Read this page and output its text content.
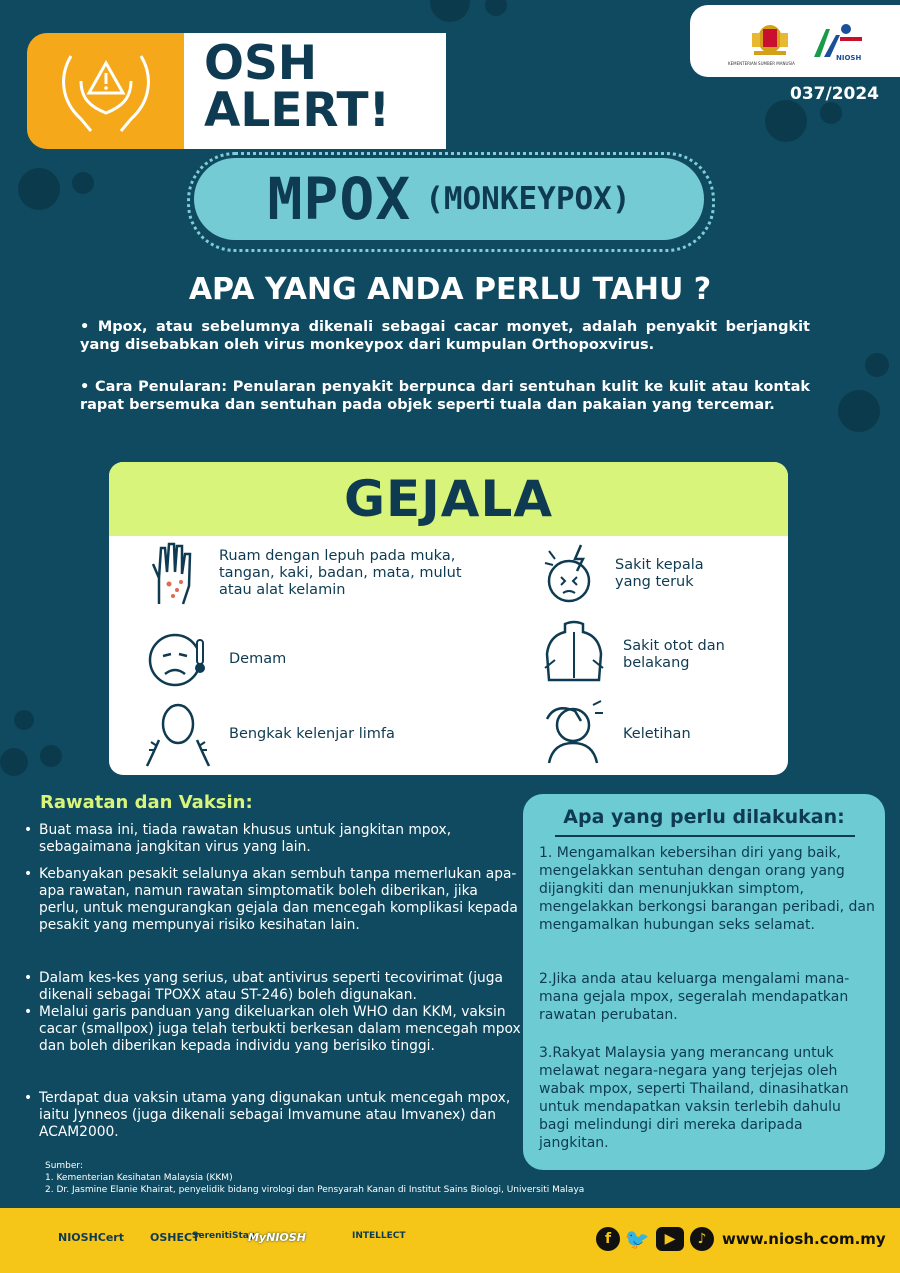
OSH
ALERT!
KEMENTERIAN SUMBER MANUSIA
NIOSH
037/2024
MPOX (MONKEYPOX)
APA YANG ANDA PERLU TAHU ?
• Mpox, atau sebelumnya dikenali sebagai cacar monyet, adalah penyakit berjangkit yang disebabkan oleh virus monkeypox dari kumpulan Orthopoxvirus.
• Cara Penularan: Penularan penyakit berpunca dari sentuhan kulit ke kulit atau kontak rapat bersemuka dan sentuhan pada objek seperti tuala dan pakaian yang tercemar.
GEJALA
Ruam dengan lepuh pada muka, tangan, kaki, badan, mata, mulut atau alat kelamin
Sakit kepala yang teruk
Demam
Sakit otot dan belakang
Bengkak kelenjar limfa	Keletihan
Rawatan dan Vaksin:
• Buat masa ini, tiada rawatan khusus untuk jangkitan mpox, sebagaimana jangkitan virus yang lain.
• Kebanyakan pesakit selalunya akan sembuh tanpa memerlukan apa-apa rawatan, namun rawatan simptomatik boleh diberikan, jika perlu, untuk mengurangkan gejala dan mencegah komplikasi kepada pesakit yang mempunyai risiko kesihatan lain.
• Dalam kes-kes yang serius, ubat antivirus seperti tecovirimat (juga dikenali sebagai TPOXX atau ST-246) boleh digunakan.
• Melalui garis panduan yang dikeluarkan oleh WHO dan KKM, vaksin cacar (smallpox) juga telah terbukti berkesan dalam mencegah mpox dan boleh diberikan kepada individu yang berisiko tinggi.
• Terdapat dua vaksin utama yang digunakan untuk mencegah mpox, iaitu Jynneos (juga dikenali sebagai Imvamune atau Imvanex) dan ACAM2000.
Apa yang perlu dilakukan:
1. Mengamalkan kebersihan diri yang baik, mengelakkan sentuhan dengan orang yang dijangkiti dan menunjukkan simptom, mengelakkan berkongsi barangan peribadi, dan mengamalkan hubungan seks selamat.
2.Jika anda atau keluarga mengalami mana-mana gejala mpox, segeralah mendapatkan rawatan perubatan.
3.Rakyat Malaysia yang merancang untuk melawat negara-negara yang terjejas oleh wabak mpox, seperti Thailand, dinasihatkan untuk mendapatkan vaksin terlebih dahulu bagi melindungi diri mereka daripada jangkitan.
Sumber:
1. Kementerian Kesihatan Malaysia (KKM)
2. Dr. Jasmine Elanie Khairat, penyelidik bidang virologi dan Pensyarah Kanan di Institut Sains Biologi, Universiti Malaya
NIOSHCert OSHECT
SerenitiStay
MyNIOSH	INTELLECT	f 🐦	▶	♪	www.niosh.com.my
